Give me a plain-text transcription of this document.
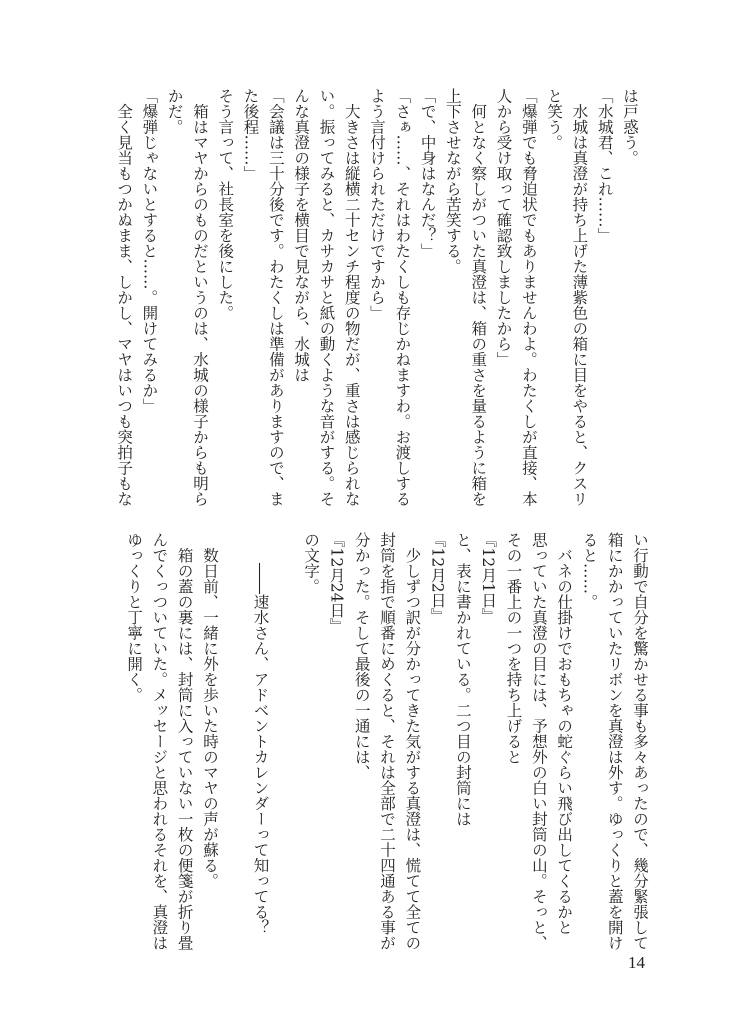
は戸惑う。
「水城君、これ……」
　水城は真澄が持ち上げた薄紫色の箱に目をやると、クスリ
と笑う。
「爆弾でも脅迫状でもありませんわよ。わたくしが直接、本
人から受け取って確認致しましたから」
　何となく察しがついた真澄は、箱の重さを量るように箱を
上下させながら苦笑する。
「で、中身はなんだ？」
「さぁ……、それはわたくしも存じかねますわ。お渡しする
よう言付けられただけですから」
　大きさは縦横二十センチ程度の物だが、重さは感じられな
い。振ってみると、カサカサと紙の動くような音がする。そ
んな真澄の様子を横目で見ながら、水城は
「会議は三十分後です。わたくしは準備がありますので、ま
た後程……」
そう言って、社長室を後にした。
　箱はマヤからのものだというのは、水城の様子からも明ら
かだ。
「爆弾じゃないとすると……。開けてみるか」
　全く見当もつかぬまま、しかし、マヤはいつも突拍子もな
い行動で自分を驚かせる事も多々あったので、幾分緊張して
箱にかかっていたリボンを真澄は外す。ゆっくりと蓋を開け
ると……。
　バネの仕掛けでおもちゃの蛇ぐらい飛び出してくるかと
思っていた真澄の目には、予想外の白い封筒の山。そっと、
その一番上の一つを持ち上げると
『12月1日』
と、表に書かれている。二つ目の封筒には
『12月2日』
　少しずつ訳が分かってきた気がする真澄は、慌てて全ての
封筒を指で順番にめくると、それは全部で二十四通ある事が
分かった。そして最後の一通には、
『12月24日』
の文字。
　　――速水さん、アドベントカレンダーって知ってる？
　数日前、一緒に外を歩いた時のマヤの声が蘇る。
　箱の蓋の裏には、封筒に入っていない一枚の便箋が折り畳
んでくっついていた。メッセージと思われるそれを、真澄は
ゆっくりと丁寧に開く。
14
